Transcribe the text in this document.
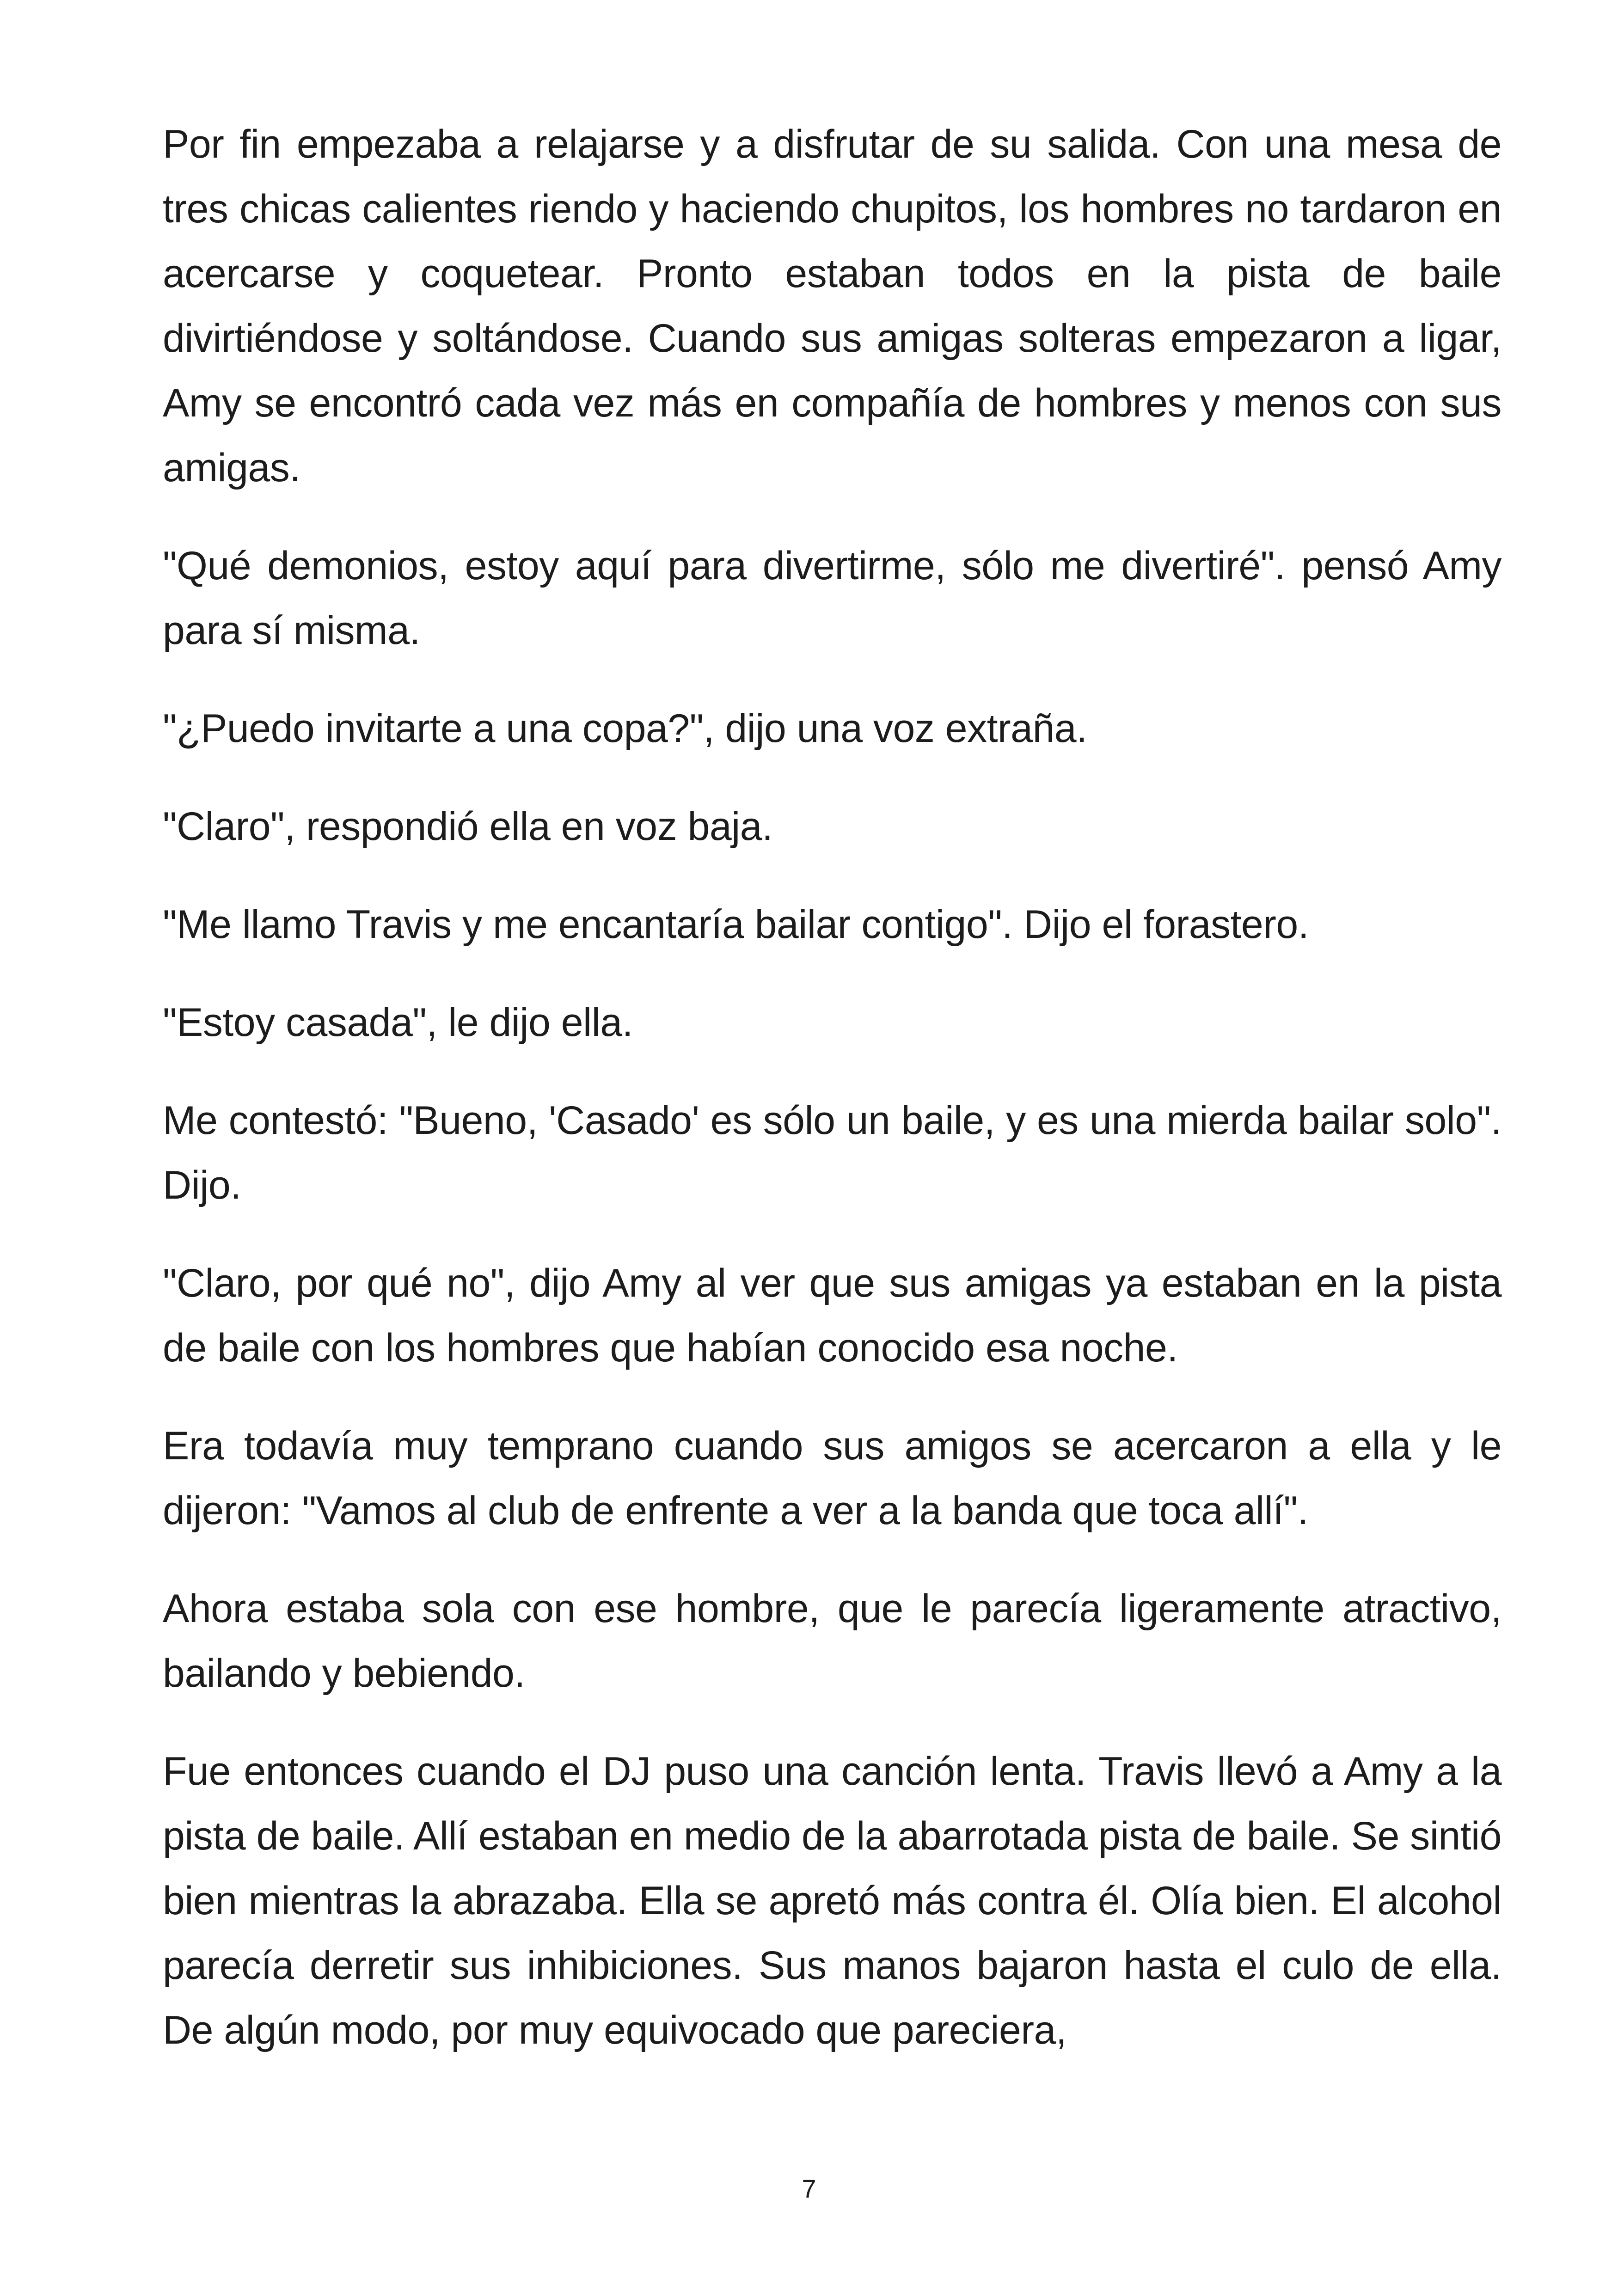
Por fin empezaba a relajarse y a disfrutar de su salida. Con una mesa de tres chicas calientes riendo y haciendo chupitos, los hombres no tardaron en acercarse y coquetear. Pronto estaban todos en la pista de baile divirtiéndose y soltándose. Cuando sus amigas solteras empezaron a ligar, Amy se encontró cada vez más en compañía de hombres y menos con sus amigas.

"Qué demonios, estoy aquí para divertirme, sólo me divertiré". pensó Amy para sí misma.

"¿Puedo invitarte a una copa?", dijo una voz extraña.

"Claro", respondió ella en voz baja.

"Me llamo Travis y me encantaría bailar contigo". Dijo el forastero.

"Estoy casada", le dijo ella.

Me contestó: "Bueno, 'Casado' es sólo un baile, y es una mierda bailar solo". Dijo.

"Claro, por qué no", dijo Amy al ver que sus amigas ya estaban en la pista de baile con los hombres que habían conocido esa noche.

Era todavía muy temprano cuando sus amigos se acercaron a ella y le dijeron: "Vamos al club de enfrente a ver a la banda que toca allí".

Ahora estaba sola con ese hombre, que le parecía ligeramente atractivo, bailando y bebiendo.

Fue entonces cuando el DJ puso una canción lenta. Travis llevó a Amy a la pista de baile. Allí estaban en medio de la abarrotada pista de baile. Se sintió bien mientras la abrazaba. Ella se apretó más contra él. Olía bien. El alcohol parecía derretir sus inhibiciones. Sus manos bajaron hasta el culo de ella. De algún modo, por muy equivocado que pareciera,

7
